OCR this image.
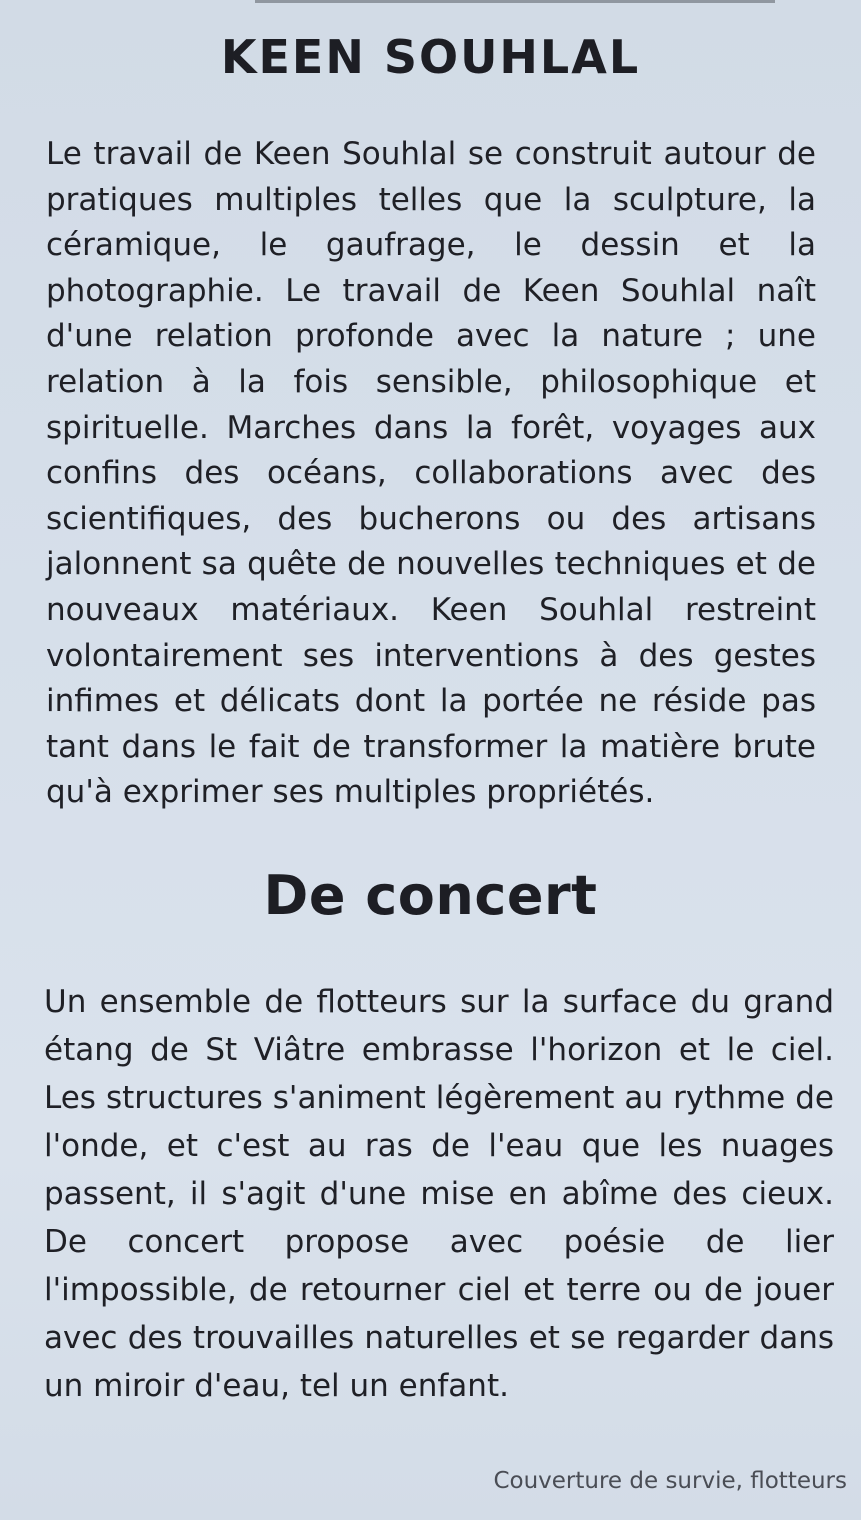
KEEN SOUHLAL

Le travail de Keen Souhlal se construit autour de pratiques multiples telles que la sculpture, la céramique, le gaufrage, le dessin et la photographie. Le travail de Keen Souhlal naît d'une relation profonde avec la nature ; une relation à la fois sensible, philosophique et spirituelle. Marches dans la forêt, voyages aux confins des océans, collaborations avec des scientifiques, des bucherons ou des artisans jalonnent sa quête de nouvelles techniques et de nouveaux matériaux. Keen Souhlal restreint volontairement ses interventions à des gestes infimes et délicats dont la portée ne réside pas tant dans le fait de transformer la matière brute qu'à exprimer ses multiples propriétés.

De concert

Un ensemble de flotteurs sur la surface du grand étang de St Viâtre embrasse l'horizon et le ciel. Les structures s'animent légèrement au rythme de l'onde, et c'est au ras de l'eau que les nuages passent, il s'agit d'une mise en abîme des cieux. De concert propose avec poésie de lier l'impossible, de retourner ciel et terre ou de jouer avec des trouvailles naturelles et se regarder dans un miroir d'eau, tel un enfant.

Couverture de survie, flotteurs
